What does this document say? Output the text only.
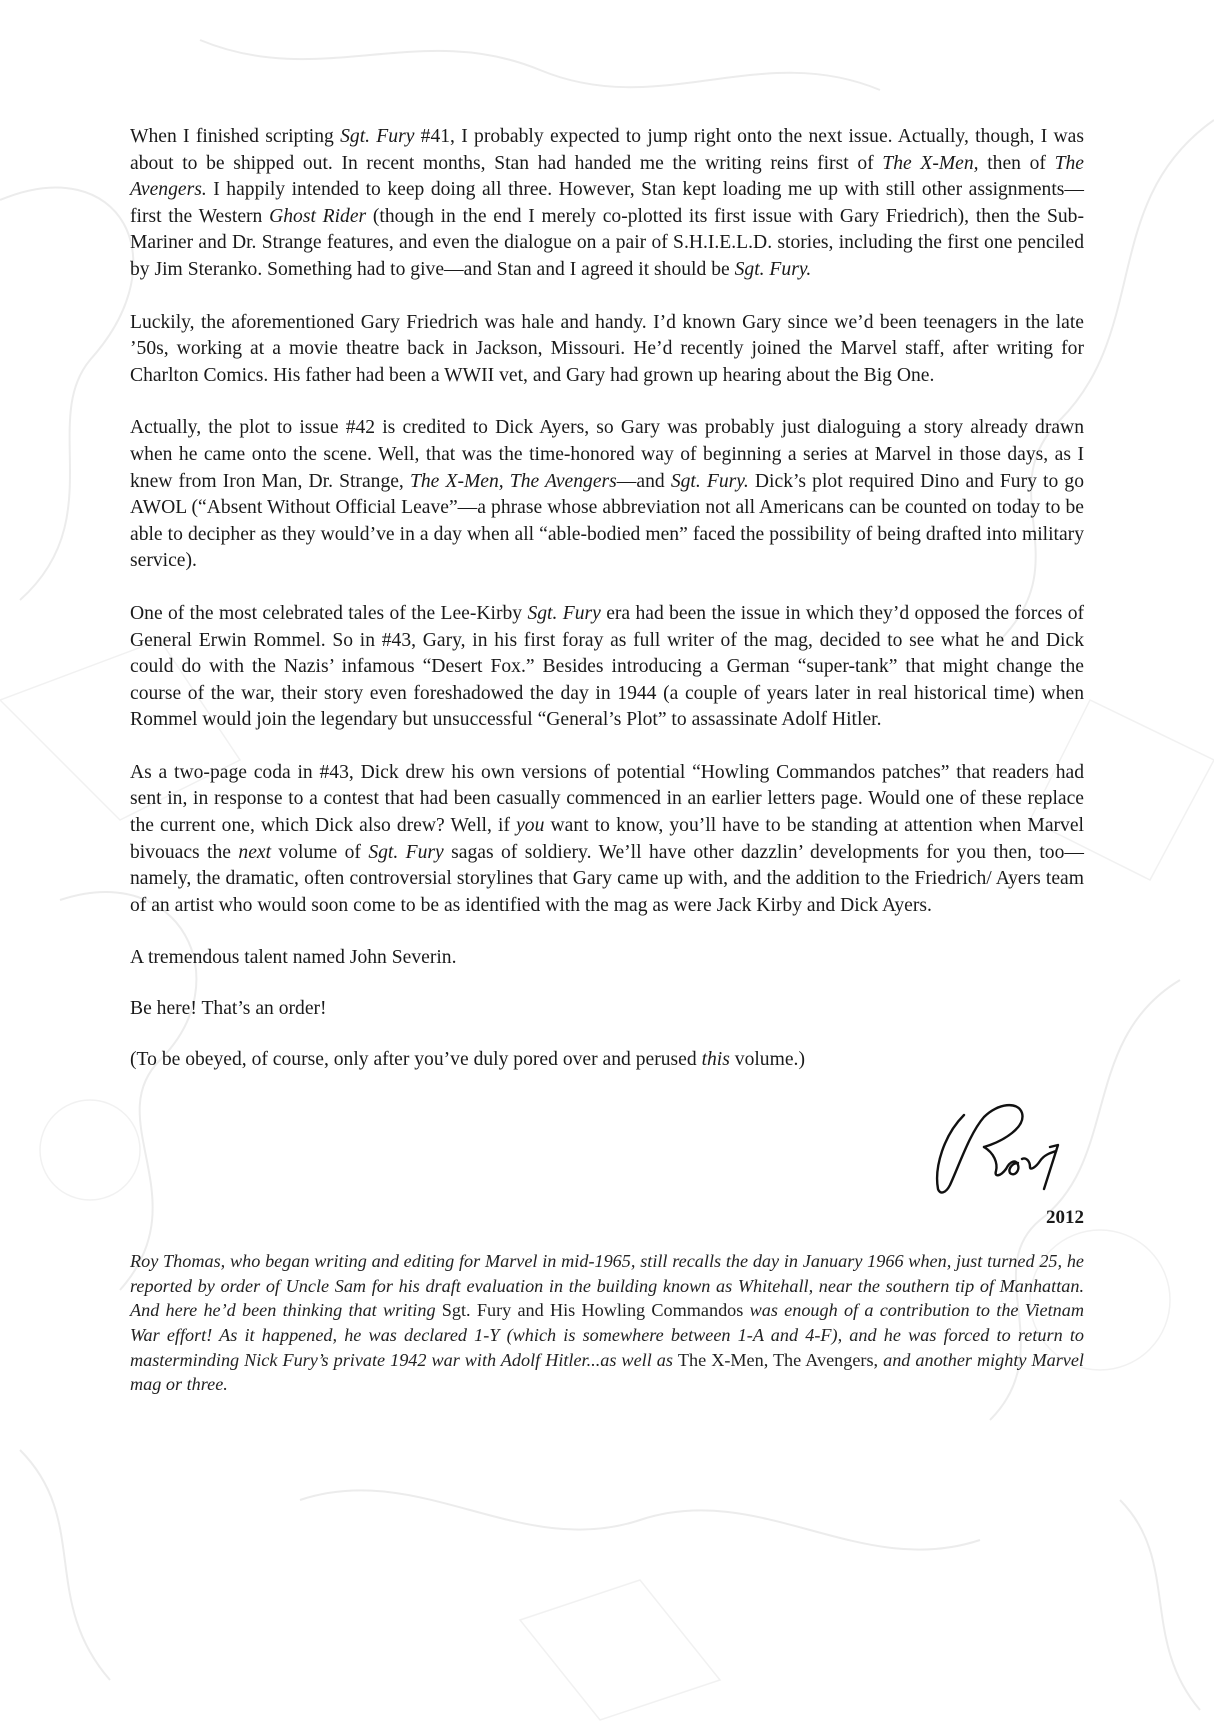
When I finished scripting Sgt. Fury #41, I probably expected to jump right onto the next issue. Actually, though, I was about to be shipped out. In recent months, Stan had handed me the writing reins first of The X-Men, then of The Avengers. I happily intended to keep doing all three. However, Stan kept loading me up with still other assignments—first the Western Ghost Rider (though in the end I merely co-plotted its first issue with Gary Friedrich), then the Sub-Mariner and Dr. Strange features, and even the dialogue on a pair of S.H.I.E.L.D. stories, including the first one penciled by Jim Steranko. Something had to give—and Stan and I agreed it should be Sgt. Fury.

Luckily, the aforementioned Gary Friedrich was hale and handy. I’d known Gary since we’d been teenagers in the late ’50s, working at a movie theatre back in Jackson, Missouri. He’d recently joined the Marvel staff, after writing for Charlton Comics. His father had been a WWII vet, and Gary had grown up hearing about the Big One.

Actually, the plot to issue #42 is credited to Dick Ayers, so Gary was probably just dialoguing a story already drawn when he came onto the scene. Well, that was the time-honored way of beginning a series at Marvel in those days, as I knew from Iron Man, Dr. Strange, The X-Men, The Avengers—and Sgt. Fury. Dick’s plot required Dino and Fury to go AWOL (“Absent Without Official Leave”—a phrase whose abbreviation not all Americans can be counted on today to be able to decipher as they would’ve in a day when all “able-bodied men” faced the possibility of being drafted into military service).

One of the most celebrated tales of the Lee-Kirby Sgt. Fury era had been the issue in which they’d opposed the forces of General Erwin Rommel. So in #43, Gary, in his first foray as full writer of the mag, decided to see what he and Dick could do with the Nazis’ infamous “Desert Fox.” Besides introducing a German “super-tank” that might change the course of the war, their story even foreshadowed the day in 1944 (a couple of years later in real historical time) when Rommel would join the legendary but unsuccessful “General’s Plot” to assassinate Adolf Hitler.

As a two-page coda in #43, Dick drew his own versions of potential “Howling Commandos patches” that readers had sent in, in response to a contest that had been casually commenced in an earlier letters page. Would one of these replace the current one, which Dick also drew? Well, if you want to know, you’ll have to be standing at attention when Marvel bivouacs the next volume of Sgt. Fury sagas of soldiery. We’ll have other dazzlin’ developments for you then, too—namely, the dramatic, often controversial storylines that Gary came up with, and the addition to the Friedrich/ Ayers team of an artist who would soon come to be as identified with the mag as were Jack Kirby and Dick Ayers.

A tremendous talent named John Severin.

Be here! That’s an order!

(To be obeyed, of course, only after you’ve duly pored over and perused this volume.)

2012

Roy Thomas, who began writing and editing for Marvel in mid-1965, still recalls the day in January 1966 when, just turned 25, he reported by order of Uncle Sam for his draft evaluation in the building known as Whitehall, near the southern tip of Manhattan. And here he’d been thinking that writing Sgt. Fury and His Howling Commandos was enough of a contribution to the Vietnam War effort! As it happened, he was declared 1-Y (which is somewhere between 1-A and 4-F), and he was forced to return to masterminding Nick Fury’s private 1942 war with Adolf Hitler...as well as The X-Men, The Avengers, and another mighty Marvel mag or three.
